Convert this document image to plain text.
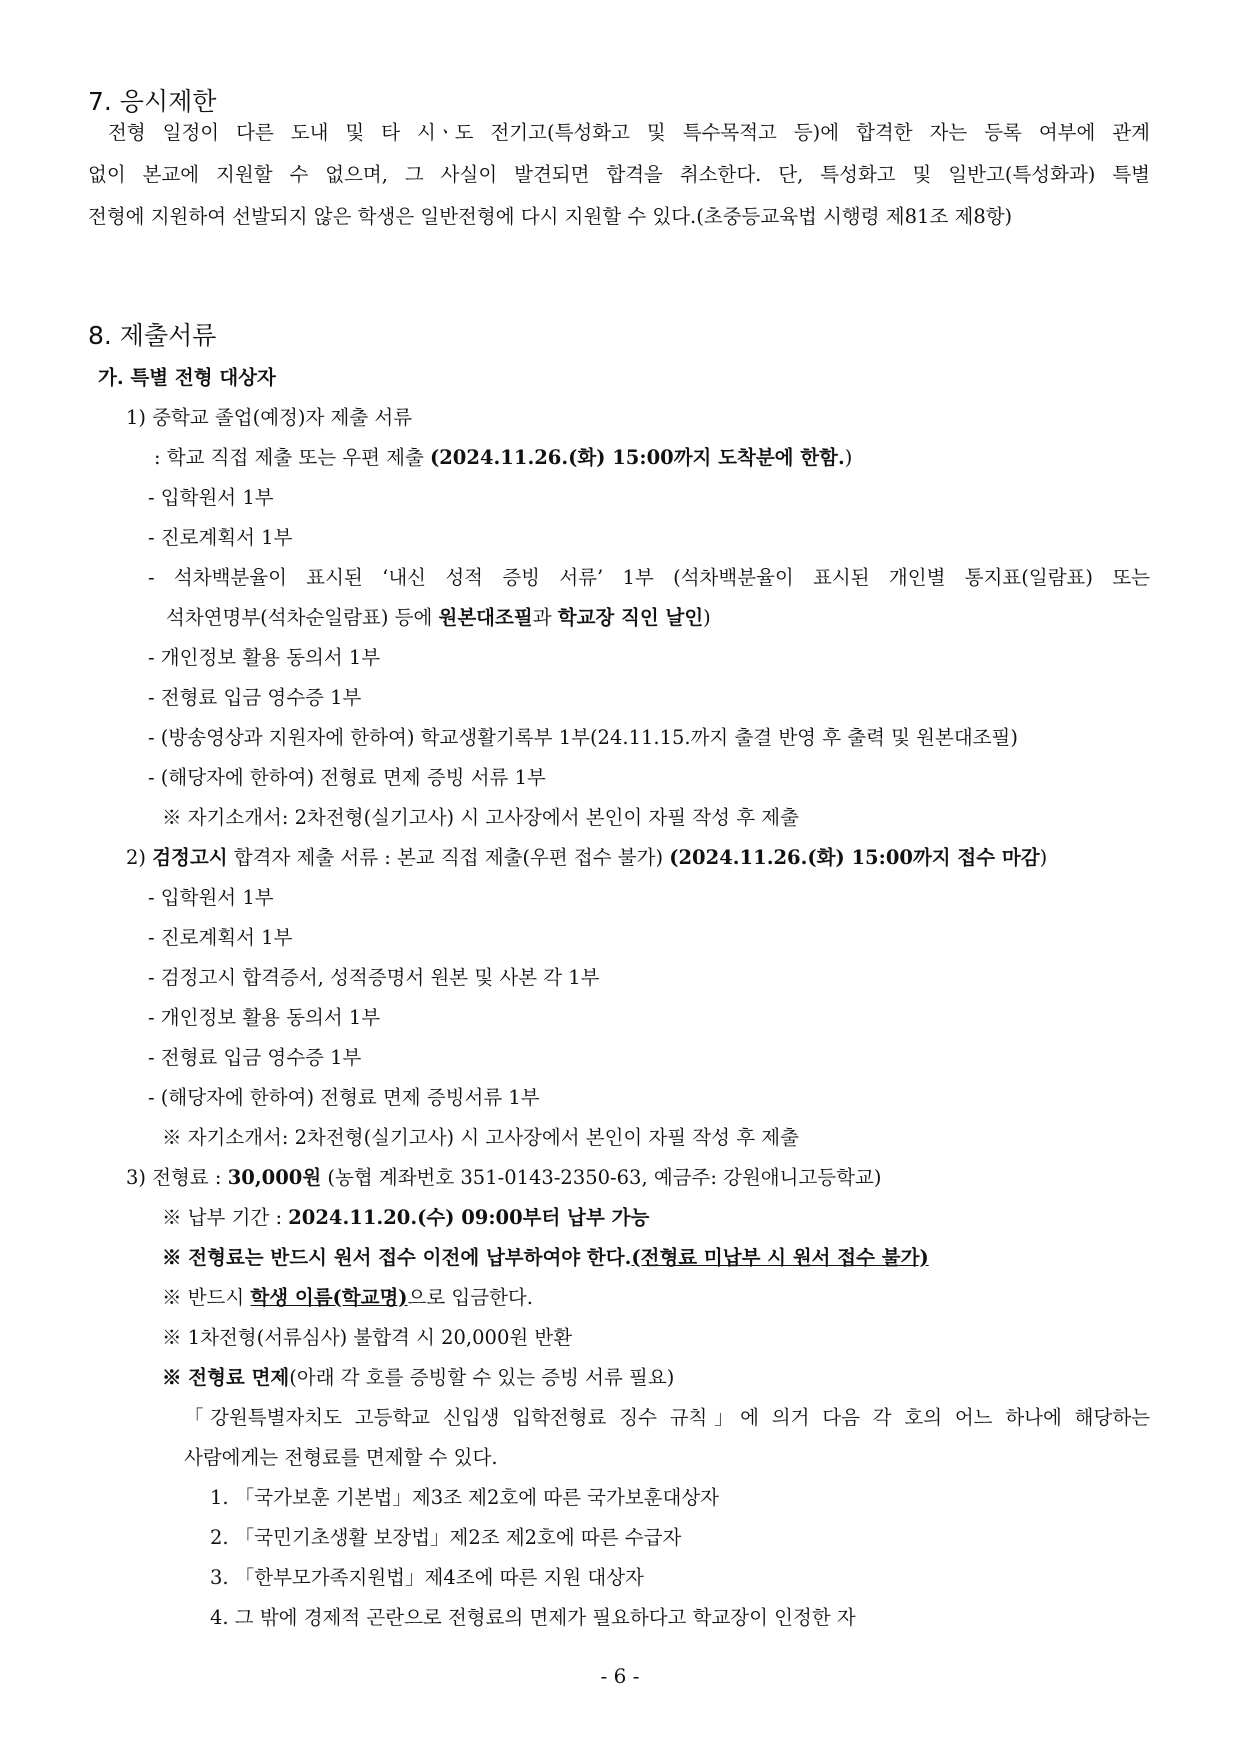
7. 응시제한
전형 일정이 다른 도내 및 타 시ㆍ도 전기고(특성화고 및 특수목적고 등)에 합격한 자는 등록 여부에 관계
없이 본교에 지원할 수 없으며, 그 사실이 발견되면 합격을 취소한다. 단, 특성화고 및 일반고(특성화과) 특별
전형에 지원하여 선발되지 않은 학생은 일반전형에 다시 지원할 수 있다.(초중등교육법 시행령 제81조 제8항)
8. 제출서류
가. 특별 전형 대상자
1) 중학교 졸업(예정)자 제출 서류
: 학교 직접 제출 또는 우편 제출 (2024.11.26.(화) 15:00까지 도착분에 한함.)
- 입학원서 1부
- 진로계획서 1부
- 석차백분율이 표시된 ‘내신 성적 증빙 서류’ 1부 (석차백분율이 표시된 개인별 통지표(일람표) 또는
석차연명부(석차순일람표) 등에 원본대조필과 학교장 직인 날인)
- 개인정보 활용 동의서 1부
- 전형료 입금 영수증 1부
- (방송영상과 지원자에 한하여) 학교생활기록부 1부(24.11.15.까지 출결 반영 후 출력 및 원본대조필)
- (해당자에 한하여) 전형료 면제 증빙 서류 1부
※ 자기소개서: 2차전형(실기고사) 시 고사장에서 본인이 자필 작성 후 제출
2) 검정고시 합격자 제출 서류 : 본교 직접 제출(우편 접수 불가) (2024.11.26.(화) 15:00까지 접수 마감)
- 입학원서 1부
- 진로계획서 1부
- 검정고시 합격증서, 성적증명서 원본 및 사본 각 1부
- 개인정보 활용 동의서 1부
- 전형료 입금 영수증 1부
- (해당자에 한하여) 전형료 면제 증빙서류 1부
※ 자기소개서: 2차전형(실기고사) 시 고사장에서 본인이 자필 작성 후 제출
3) 전형료 : 30,000원 (농협 계좌번호 351-0143-2350-63, 예금주: 강원애니고등학교)
※ 납부 기간 : 2024.11.20.(수) 09:00부터 납부 가능
※ 전형료는 반드시 원서 접수 이전에 납부하여야 한다.(전형료 미납부 시 원서 접수 불가)
※ 반드시 학생 이름(학교명)으로 입금한다.
※ 1차전형(서류심사) 불합격 시 20,000원 반환
※ 전형료 면제(아래 각 호를 증빙할 수 있는 증빙 서류 필요)
「강원특별자치도 고등학교 신입생 입학전형료 징수 규칙」에 의거 다음 각 호의 어느 하나에 해당하는
사람에게는 전형료를 면제할 수 있다.
1. 「국가보훈 기본법」제3조 제2호에 따른 국가보훈대상자
2. 「국민기초생활 보장법」제2조 제2호에 따른 수급자
3. 「한부모가족지원법」제4조에 따른 지원 대상자
4. 그 밖에 경제적 곤란으로 전형료의 면제가 필요하다고 학교장이 인정한 자
- 6 -
